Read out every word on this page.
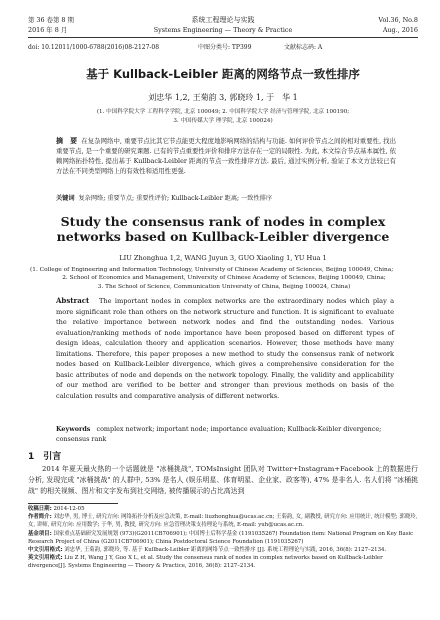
第 36 卷第 8 期	系统工程理论与实践	Vol.36, No.8
2016 年 8 月	Systems Engineering — Theory & Practice	Aug., 2016
doi: 10.12011/1000-6788(2016)08-2127-08	中图分类号: TP399	文献标志码: A
基于 Kullback-Leibler 距离的网络节点一致性排序
刘忠华 1,2, 王菊韵 3, 郭晓玲 1, 于　华 1
(1. 中国科学院大学 工程科学学院, 北京 100049; 2. 中国科学院大学 经济与管理学院, 北京 100190;
3. 中国传媒大学 理学院, 北京 100024)
摘　要 在复杂网络中, 重要节点比其它节点能更大程度地影响网络的结构与功能. 如何评价节点之间的相对重要性, 找出重要节点, 是一个重要的研究课题. 已有的节点重要性评价和排序方法存在一定的局限性. 为此, 本文综合节点基本属性, 依赖网络拓扑特性, 提出基于 Kullback-Leibler 距离的节点一致性排序方法. 最后, 通过实例分析, 验证了本文方法较已有方法在不同类型网络上的有效性和适用性更强.
关键词 复杂网络; 重要节点; 重要性评价; Kullback-Leibler 距离; 一致性排序
Study the consensus rank of nodes in complex networks based on Kullback-Leibler divergence
LIU Zhonghua 1,2, WANG Juyun 3, GUO Xiaoling 1, YU Hua 1
(1. College of Engineering and Information Technology, University of Chinese Academy of Sciences, Beijing 100049, China;
2. School of Economics and Management, University of Chinese Academy of Sciences, Beijing 100049, China;
3. The School of Science, Communication University of China, Beijing 100024, China)
Abstract The important nodes in complex networks are the extraordinary nodes which play a more significant role than others on the network structure and function. It is significant to evaluate the relative importance between network nodes and find the outstanding nodes. Various evaluation/ranking methods of node importance have been proposed based on different types of design ideas, calculation theory and application scenarios. However, those methods have many limitations. Therefore, this paper proposes a new method to study the consensus rank of network nodes based on Kullback-Leibler divergence, which gives a comprehensive consideration for the basic attributes of node and depends on the network topology. Finally, the validity and applicability of our method are verified to be better and stronger than previous methods on basis of the calculation results and comparative analysis of different networks.
Keywords complex network; important node; importance evaluation; Kullback-Keibler divergence; consensus rank
1　引言
2014 年夏天最火热的一个话题就是 "冰桶挑战", TOMsInsight 团队对 Twitter+Instagram+Facebook 上的数据进行分析, 发现完成 "冰桶挑战" 的人群中, 53% 是名人 (娱乐明星、体育明星、企业家、政客等), 47% 是非名人. 名人们将 "冰桶挑战" 的相关视频、图片和文字发布到社交网络, 被传播展示的占比高达到

收稿日期: 2014-12-05

作者简介: 刘忠华, 男, 博士, 研究方向: 网络拓扑分析及应急决策, E-mail: liuzhonghua@ucas.ac.cn; 王菊韵, 女, 副教授, 研究方向: 应用统计, 统计模型; 郭晓玲, 女, 讲师, 研究方向: 应用数学; 于华, 男, 教授, 研究方向: 应急管理决策支持理论与系统, E-mail: yuh@ucas.ac.cn.

基金项目: 国家重点基础研究发展规划 (973)(G2011CB706901); 中国博士后科学基金 (1191035267) Foundation item: National Program on Key Basic Research Project of China (G2011CB706901); China Postdoctoral Science Foundation (1191035267)

中文引用格式: 刘忠华, 王菊韵, 郭晓玲, 等. 基于 Kullback-Leibler 距离的网络节点一致性排序 [J]. 系统工程理论与实践, 2016, 36(8): 2127–2134.

英文引用格式: Liu Z H, Wang J Y, Guo X L, et al. Study the consensus rank of nodes in complex networks based on Kullback-Leibler divergence[J]. Systems Engineering — Theory & Practice, 2016, 36(8): 2127–2134.
